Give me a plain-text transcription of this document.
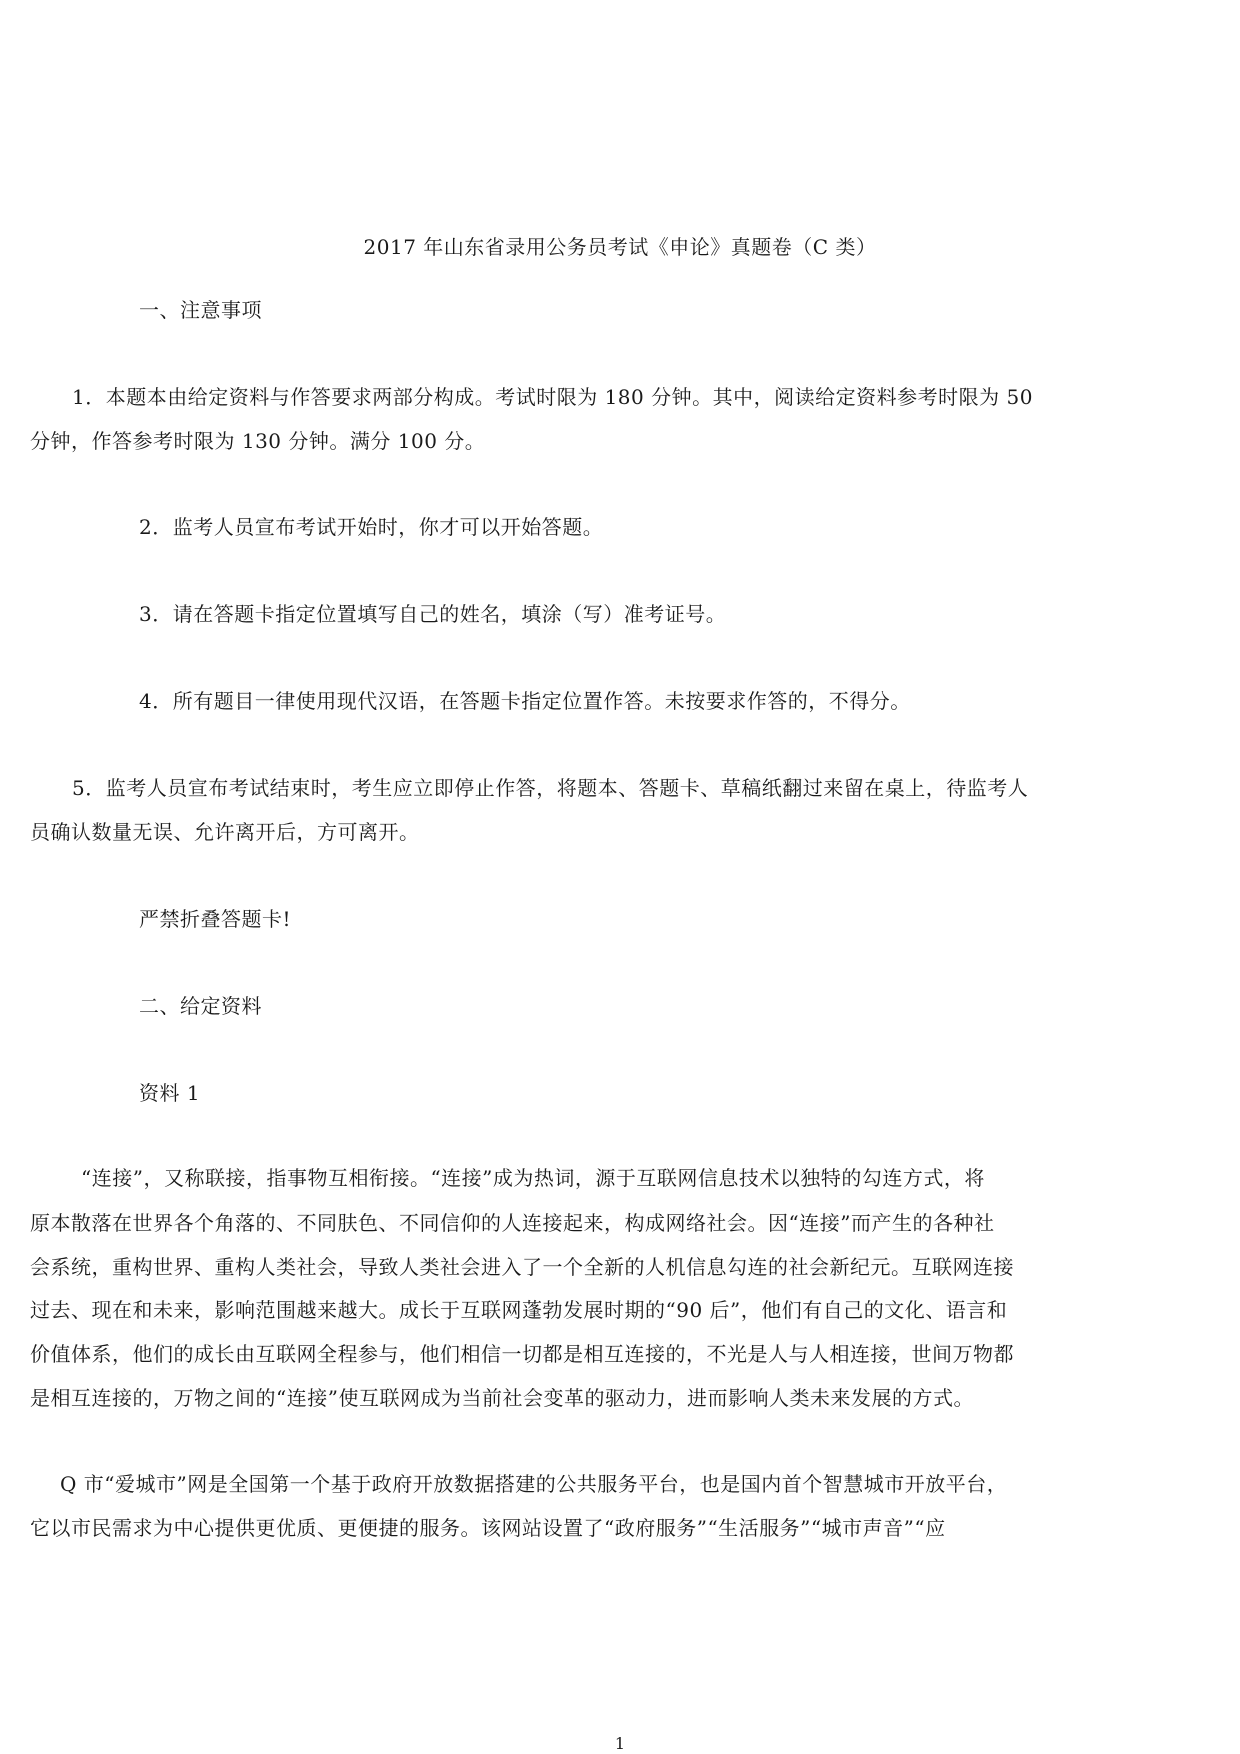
2017 年山东省录用公务员考试《申论》真题卷（C 类）
一、注意事项
1．本题本由给定资料与作答要求两部分构成。考试时限为 180 分钟。其中，阅读给定资料参考时限为 50
分钟，作答参考时限为 130 分钟。满分 100 分。
2．监考人员宣布考试开始时，你才可以开始答题。
3．请在答题卡指定位置填写自己的姓名，填涂（写）准考证号。
4．所有题目一律使用现代汉语，在答题卡指定位置作答。未按要求作答的，不得分。
5．监考人员宣布考试结束时，考生应立即停止作答，将题本、答题卡、草稿纸翻过来留在桌上，待监考人
员确认数量无误、允许离开后，方可离开。
严禁折叠答题卡!
二、给定资料
资料 1
“连接”，又称联接，指事物互相衔接。“连接”成为热词，源于互联网信息技术以独特的勾连方式，将
原本散落在世界各个角落的、不同肤色、不同信仰的人连接起来，构成网络社会。因“连接”而产生的各种社
会系统，重构世界、重构人类社会，导致人类社会进入了一个全新的人机信息勾连的社会新纪元。互联网连接
过去、现在和未来，影响范围越来越大。成长于互联网蓬勃发展时期的“90 后”，他们有自己的文化、语言和
价值体系，他们的成长由互联网全程参与，他们相信一切都是相互连接的，不光是人与人相连接，世间万物都
是相互连接的，万物之间的“连接”使互联网成为当前社会变革的驱动力，进而影响人类未来发展的方式。
Q 市“爱城市”网是全国第一个基于政府开放数据搭建的公共服务平台，也是国内首个智慧城市开放平台，
它以市民需求为中心提供更优质、更便捷的服务。该网站设置了“政府服务”“生活服务”“城市声音”“应
1
